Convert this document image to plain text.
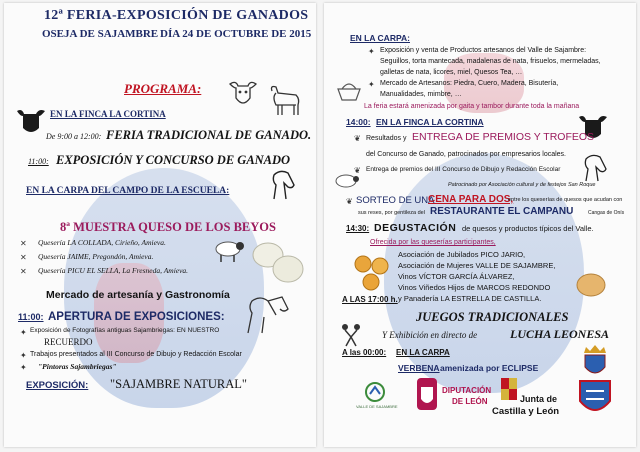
12ª FERIA-EXPOSICIÓN DE GANADOS
OSEJA DE SAJAMBRE DÍA 24 DE OCTUBRE DE 2015
PROGRAMA:
EN LA FINCA LA CORTINA
De 9:00 a 12:00: FERIA TRADICIONAL DE GANADO.
11:00: EXPOSICIÓN Y CONCURSO DE GANADO
EN LA CARPA DEL CAMPO DE LA ESCUELA:
8ª MUESTRA QUESO DE LOS BEYOS
✕ Quesería LA COLLADA, Cirieño, Amieva.
✕ Quesería JAIME, Pregondón, Amieva.
✕ Quesería PICU EL SELLA, La Fresneda, Amieva.
Mercado de artesanía y Gastronomía
11:00: APERTURA DE EXPOSICIONES:
✦ Exposición de Fotografías antiguas Sajambriegas: EN NUESTRO
RECUERDO
✦ Trabajos presentados al III Concurso de Dibujo y Redacción Escolar
✦ "Pintoras Sajambriegas"
EXPOSICIÓN: "SAJAMBRE NATURAL"
EN LA CARPA:
✦ Exposición y venta de Productos artesanos del Valle de Sajambre:
Seguillos, torta mantecada, madalenas de nata, frisuelos, mermeladas,
galletas de nata, licores, miel, Quesos Tea, …
✦ Mercado de Artesanos: Piedra, Cuero, Madera, Bisutería,
Manualidades, mimbre, …
La feria estará amenizada por gaita y tambor durante toda la mañana
14:00: EN LA FINCA LA CORTINA
❦ Resultados y ENTREGA DE PREMIOS Y TROFEOS
del Concurso de Ganado, patrocinados por empresarios locales.
❦ Entrega de premios del III Concurso de Dibujo y Redacción Escolar
Patrocinado por Asociación cultural y de festejos San Roque
❦ SORTEO DE UNA
CENA PARA DOS,
entre los queserías de quesos que acudan con
sus reses, por gentileza del RESTAURANTE EL CAMPANU	Cangas de Onís
14:30: DEGUSTACIÓN de quesos y productos típicos del Valle.
Ofrecida por las queserías participantes,
Asociación de Jubilados PICO JARIO,
Asociación de Mujeres VALLE DE SAJAMBRE,
Vinos VÍCTOR GARCÍA ÁLVAREZ,
Vinos Viñedos Hijos de MARCOS REDONDO
y Panadería LA ESTRELLA DE CASTILLA.
A LAS 17:00 h.
JUEGOS TRADICIONALES
Y Exhibición en directo de	LUCHA LEONESA
A las 00:00: EN LA CARPA
VERBENA amenizada por ECLIPSE
VALLE DE SAJAMBRE
DIPUTACIÓN
DE LEÓN	Junta de
Castilla y León
